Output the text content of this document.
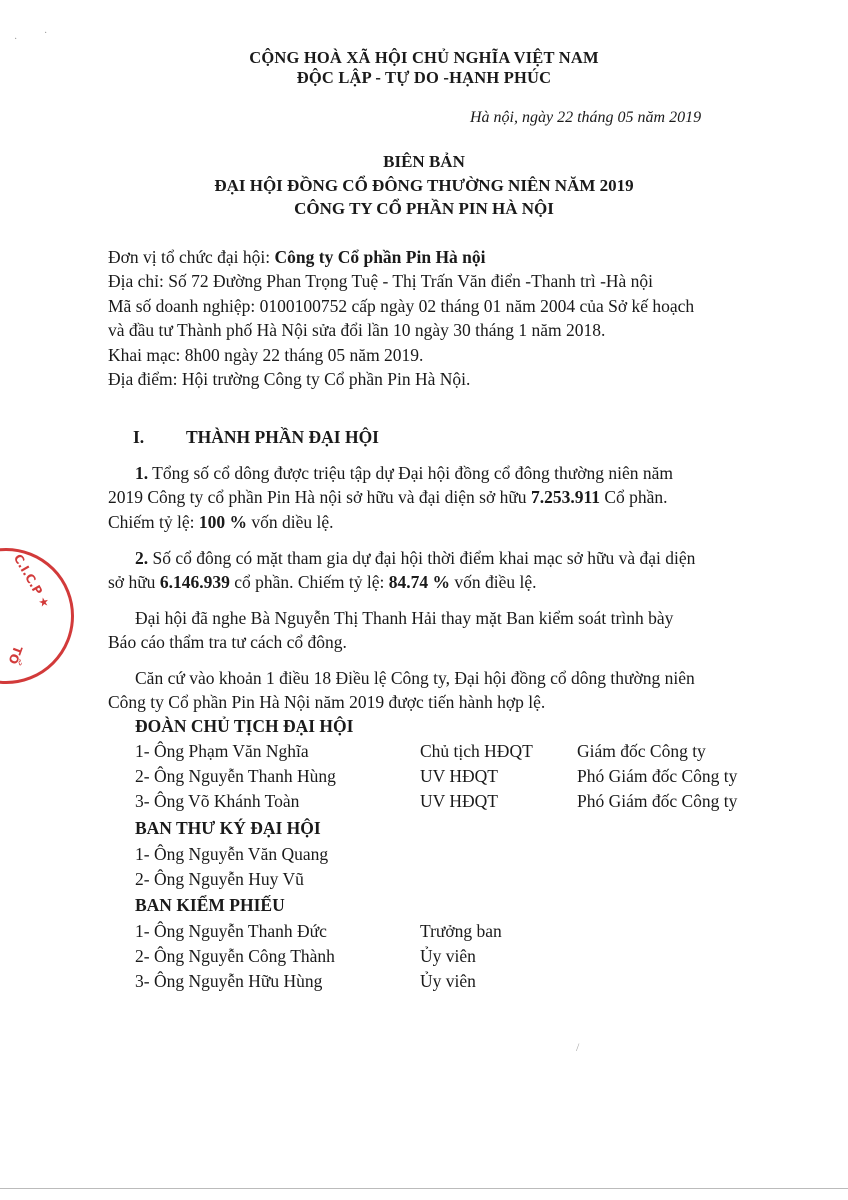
·
·
C.I.C.P ★
TỔ
CỘNG HOÀ XÃ HỘI CHỦ NGHĨA VIỆT NAM
ĐỘC LẬP - TỰ DO -HẠNH PHÚC
Hà nội, ngày 22 tháng 05 năm 2019
BIÊN BẢN
ĐẠI HỘI ĐỒNG CỔ ĐÔNG THƯỜNG NIÊN NĂM 2019
CÔNG TY CỔ PHẦN PIN HÀ NỘI
Đơn vị tổ chức đại hội: Công ty Cổ phần Pin Hà nội
Địa chỉ: Số 72 Đường Phan Trọng Tuệ - Thị Trấn Văn điển -Thanh trì -Hà nội
Mã số doanh nghiệp: 0100100752 cấp ngày 02 tháng 01 năm 2004 của Sở kế hoạch
và đầu tư Thành phố Hà Nội sửa đổi lần 10 ngày 30 tháng 1 năm 2018.
Khai mạc: 8h00 ngày 22 tháng 05 năm 2019.
Địa điểm: Hội trường Công ty Cổ phần Pin Hà Nội.
I. THÀNH PHẦN ĐẠI HỘI
1. Tổng số cổ dông được triệu tập dự Đại hội đồng cổ đông thường niên năm
2019 Công ty cổ phần Pin Hà nội sở hữu và đại diện sở hữu 7.253.911 Cổ phần.
Chiếm tỷ lệ: 100 % vốn diều lệ.
2. Số cổ đông có mặt tham gia dự đại hội thời điểm khai mạc sở hữu và đại diện
sở hữu 6.146.939 cổ phần. Chiếm tỷ lệ: 84.74 % vốn điều lệ.
Đại hội đã nghe Bà Nguyễn Thị Thanh Hải thay mặt Ban kiểm soát trình bày
Báo cáo thẩm tra tư cách cổ đông.
Căn cứ vào khoản 1 điều 18 Điều lệ Công ty, Đại hội đồng cổ dông thường niên
Công ty Cổ phần Pin Hà Nội năm 2019 được tiến hành hợp lệ.
ĐOÀN CHỦ TỊCH ĐẠI HỘI
1- Ông Phạm Văn Nghĩa	Chủ tịch HĐQT	Giám đốc Công ty
2- Ông Nguyễn Thanh Hùng	UV HĐQT	Phó Giám đốc Công ty
3- Ông Võ Khánh Toàn	UV HĐQT	Phó Giám đốc Công ty
BAN THƯ KÝ ĐẠI HỘI
1- Ông Nguyễn Văn Quang
2- Ông Nguyễn Huy Vũ
BAN KIỂM PHIẾU
1- Ông Nguyễn Thanh Đức	Trưởng ban
2- Ông Nguyễn Công Thành	Ủy viên
3- Ông Nguyễn Hữu Hùng	Ủy viên
/
